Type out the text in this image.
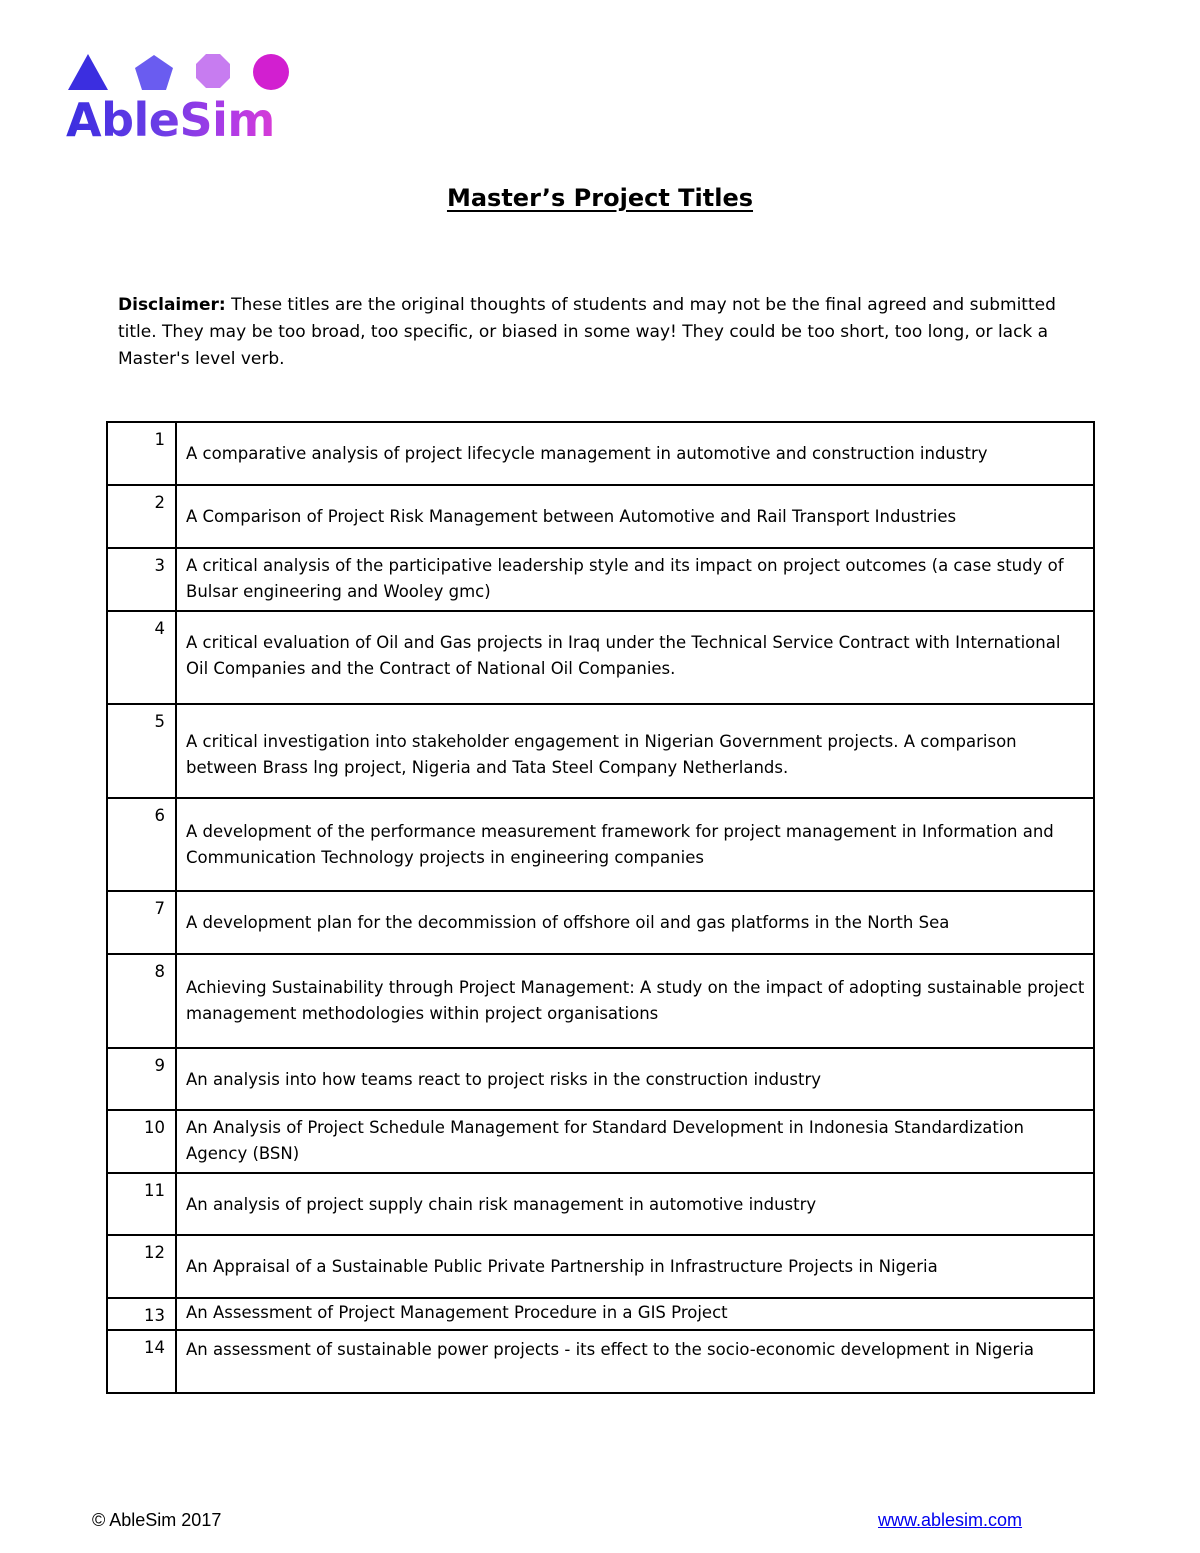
AbleSim
Master’s Project Titles
Disclaimer: These titles are the original thoughts of students and may not be the final agreed and submitted title. They may be too broad, too specific, or biased in some way! They could be too short, too long, or lack a Master's level verb.
1	A comparative analysis of project lifecycle management in automotive and construction industry
2	A Comparison of Project Risk Management between Automotive and Rail Transport Industries
3	A critical analysis of the participative leadership style and its impact on project outcomes (a case study of Bulsar engineering and Wooley gmc)
4	A critical evaluation of Oil and Gas projects in Iraq under the Technical Service Contract with International Oil Companies and the Contract of National Oil Companies.
5	A critical investigation into stakeholder engagement in Nigerian Government projects. A comparison between Brass lng project, Nigeria and Tata Steel Company Netherlands.
6	A development of the performance measurement framework for project management in Information and Communication Technology projects in engineering companies
7	A development plan for the decommission of offshore oil and gas platforms in the North Sea
8	Achieving Sustainability through Project Management: A study on the impact of adopting sustainable project management methodologies within project organisations
9	An analysis into how teams react to project risks in the construction industry
10	An Analysis of Project Schedule Management for Standard Development in Indonesia Standardization Agency (BSN)
11	An analysis of project supply chain risk management in automotive industry
12	An Appraisal of a Sustainable Public Private Partnership in Infrastructure Projects in Nigeria
13	An Assessment of Project Management Procedure in a GIS Project
14	An assessment of sustainable power projects - its effect to the socio-economic development in Nigeria
© AbleSim 2017	www.ablesim.com
